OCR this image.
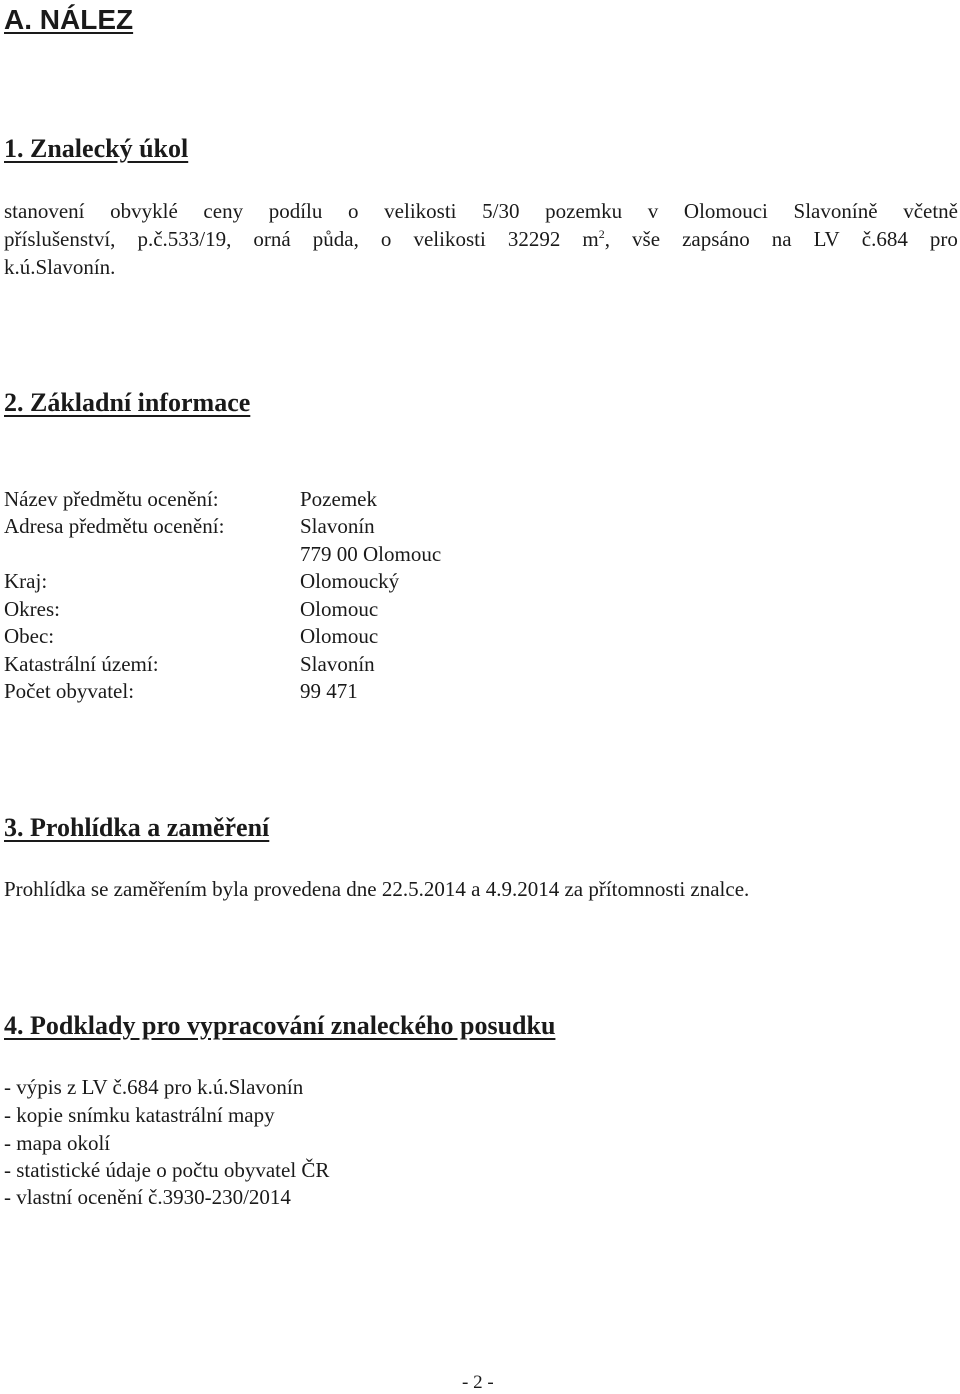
A. NÁLEZ
1. Znalecký úkol
stanovení obvyklé ceny podílu o velikosti 5/30 pozemku v Olomouci Slavoníně včetně
příslušenství, p.č.533/19, orná půda, o velikosti 32292 $m^2$, vše zapsáno na LV č.684 pro
k.ú.Slavonín.
2. Základní informace
Název předmětu ocenění:	Pozemek
Adresa předmětu ocenění:	Slavonín
779 00 Olomouc
Kraj:	Olomoucký
Okres:	Olomouc
Obec:	Olomouc
Katastrální území:	Slavonín
Počet obyvatel:	99 471
3. Prohlídka a zaměření
Prohlídka se zaměřením byla provedena dne 22.5.2014 a 4.9.2014 za přítomnosti znalce.
4. Podklady pro vypracování znaleckého posudku
- výpis z LV č.684 pro k.ú.Slavonín
- kopie snímku katastrální mapy
- mapa okolí
- statistické údaje o počtu obyvatel ČR
- vlastní ocenění č.3930-230/2014
- 2 -
